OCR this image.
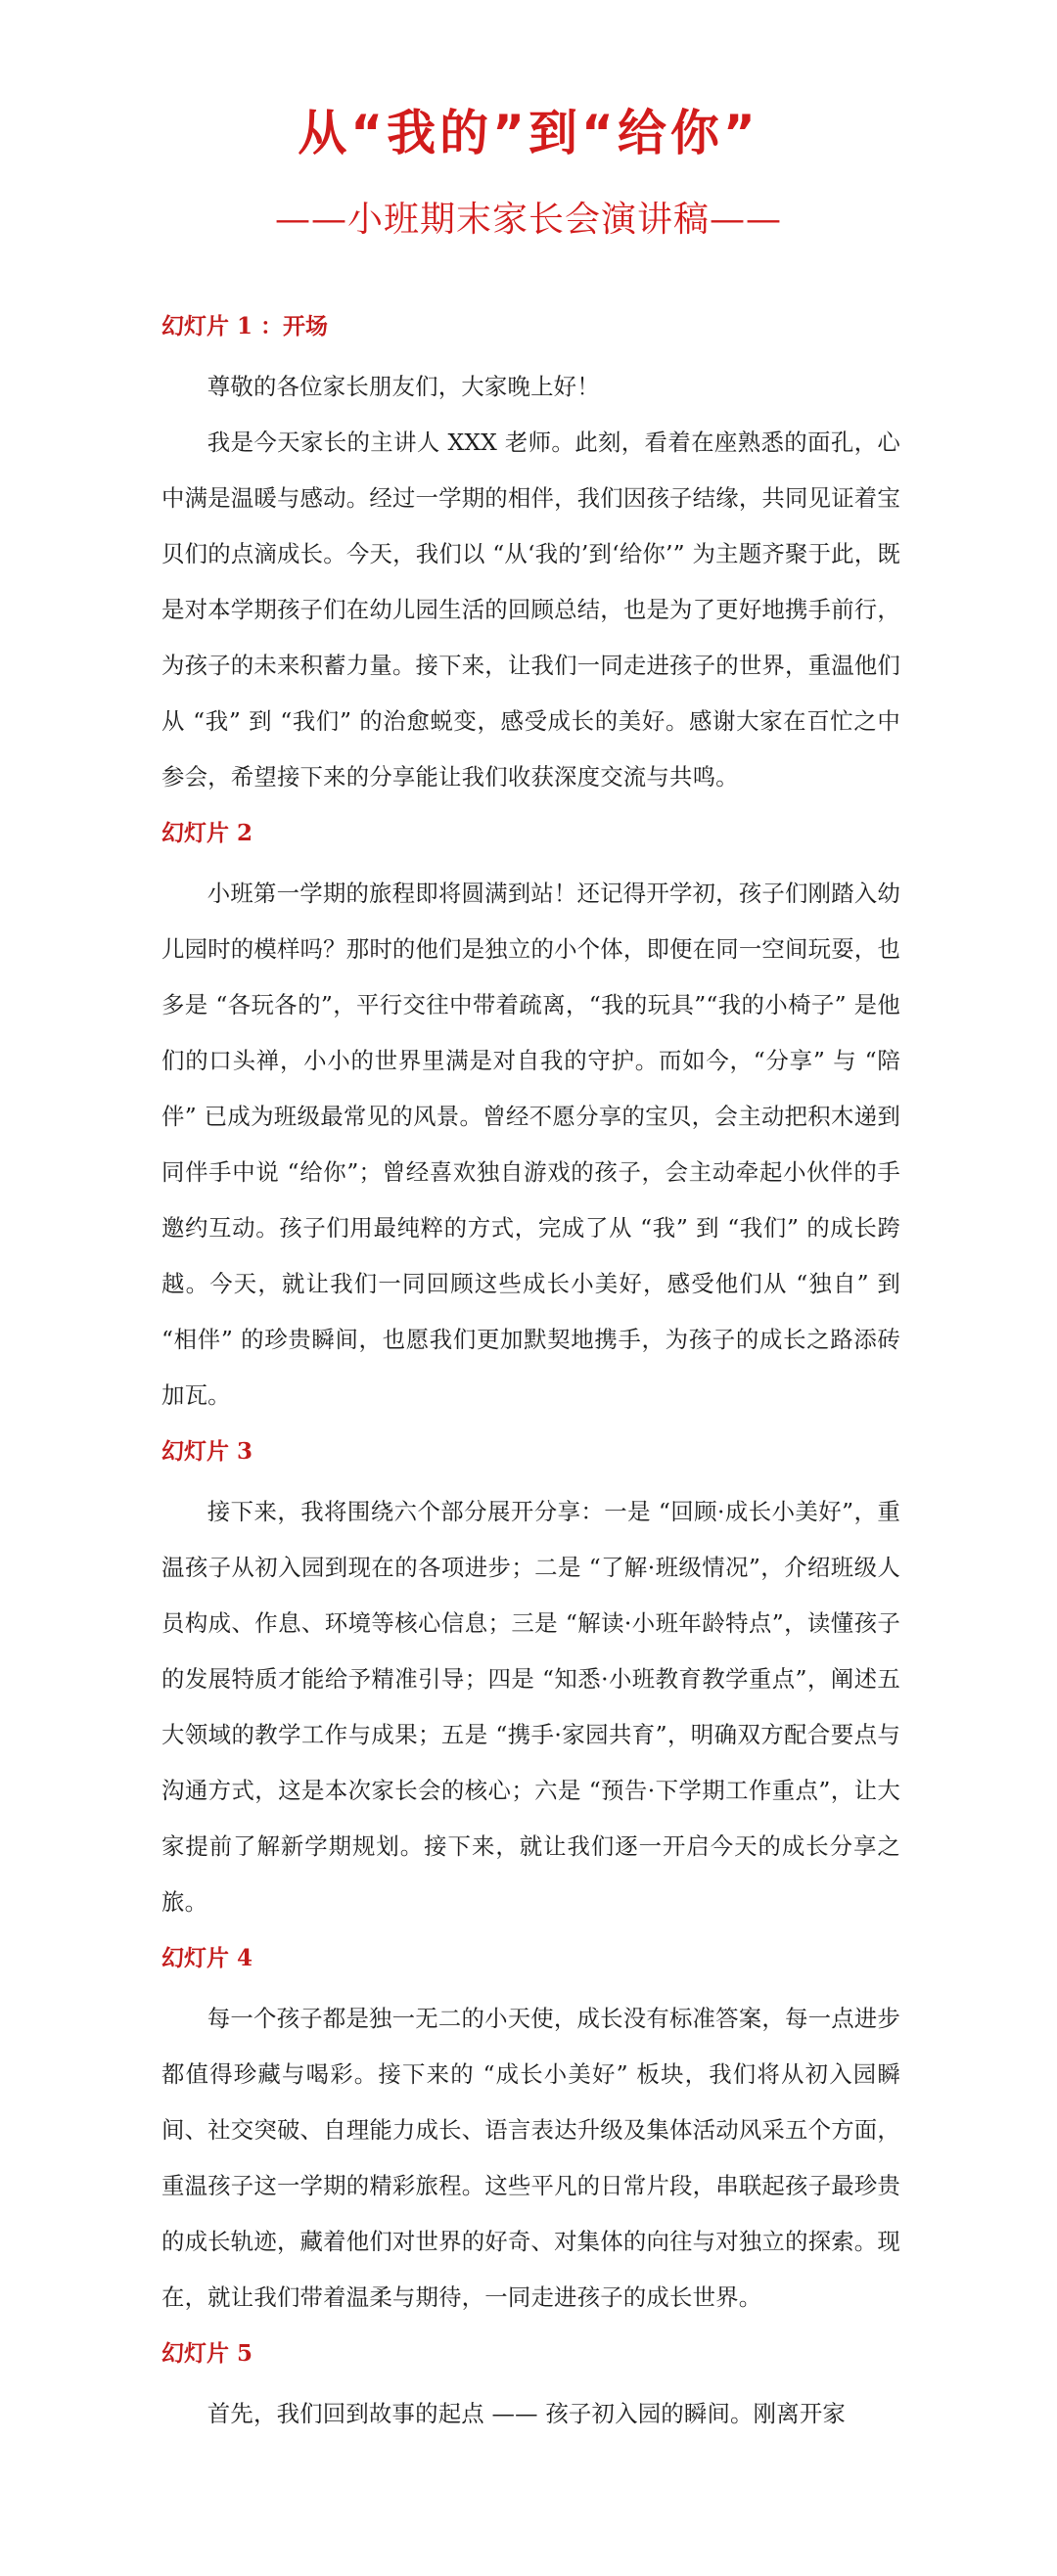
从“我的”到“给你”
——小班期末家长会演讲稿——
幻灯片 1 ：开场

尊敬的各位家长朋友们，大家晚上好！

我是今天家长的主讲人 XXX 老师。此刻，看着在座熟悉的面孔，心中满是温暖与感动。经过一学期的相伴，我们因孩子结缘，共同见证着宝贝们的点滴成长。今天，我们以 “从‘我的’到‘给你’” 为主题齐聚于此，既是对本学期孩子们在幼儿园生活的回顾总结，也是为了更好地携手前行，为孩子的未来积蓄力量。接下来，让我们一同走进孩子的世界，重温他们从 “我” 到 “我们” 的治愈蜕变，感受成长的美好。感谢大家在百忙之中参会，希望接下来的分享能让我们收获深度交流与共鸣。

幻灯片 2

小班第一学期的旅程即将圆满到站！还记得开学初，孩子们刚踏入幼儿园时的模样吗？那时的他们是独立的小个体，即便在同一空间玩耍，也多是 “各玩各的”，平行交往中带着疏离，“我的玩具”“我的小椅子” 是他们的口头禅，小小的世界里满是对自我的守护。而如今，“分享” 与 “陪伴” 已成为班级最常见的风景。曾经不愿分享的宝贝，会主动把积木递到同伴手中说 “给你”；曾经喜欢独自游戏的孩子，会主动牵起小伙伴的手邀约互动。孩子们用最纯粹的方式，完成了从 “我” 到 “我们” 的成长跨越。今天，就让我们一同回顾这些成长小美好，感受他们从 “独自” 到 “相伴” 的珍贵瞬间，也愿我们更加默契地携手，为孩子的成长之路添砖加瓦。

幻灯片 3

接下来，我将围绕六个部分展开分享：一是 “回顾·成长小美好”，重温孩子从初入园到现在的各项进步；二是 “了解·班级情况”，介绍班级人员构成、作息、环境等核心信息；三是 “解读·小班年龄特点”，读懂孩子的发展特质才能给予精准引导；四是 “知悉·小班教育教学重点”，阐述五大领域的教学工作与成果；五是 “携手·家园共育”，明确双方配合要点与沟通方式，这是本次家长会的核心；六是 “预告·下学期工作重点”，让大家提前了解新学期规划。接下来，就让我们逐一开启今天的成长分享之旅。

幻灯片 4

每一个孩子都是独一无二的小天使，成长没有标准答案，每一点进步都值得珍藏与喝彩。接下来的 “成长小美好” 板块，我们将从初入园瞬间、社交突破、自理能力成长、语言表达升级及集体活动风采五个方面，重温孩子这一学期的精彩旅程。这些平凡的日常片段，串联起孩子最珍贵的成长轨迹，藏着他们对世界的好奇、对集体的向往与对独立的探索。现在，就让我们带着温柔与期待，一同走进孩子的成长世界。

幻灯片 5

首先，我们回到故事的起点 —— 孩子初入园的瞬间。刚离开家
